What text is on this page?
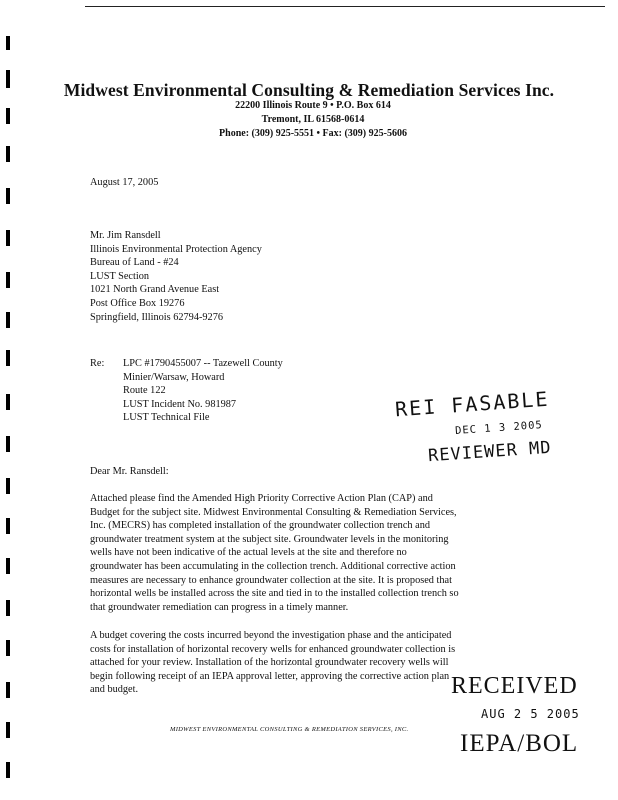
Midwest Environmental Consulting & Remediation Services Inc.
22200 Illinois Route 9 • P.O. Box 614
Tremont, IL 61568-0614
Phone: (309) 925-5551 • Fax: (309) 925-5606
August 17, 2005
Mr. Jim Ransdell
Illinois Environmental Protection Agency
Bureau of Land - #24
LUST Section
1021 North Grand Avenue East
Post Office Box 19276
Springfield, Illinois 62794-9276
Re: LPC #1790455007 -- Tazewell County
Minier/Warsaw, Howard
Route 122
LUST Incident No. 981987
LUST Technical File
Dear Mr. Ransdell:
Attached please find the Amended High Priority Corrective Action Plan (CAP) and
Budget for the subject site. Midwest Environmental Consulting & Remediation Services,
Inc. (MECRS) has completed installation of the groundwater collection trench and
groundwater treatment system at the subject site. Groundwater levels in the monitoring
wells have not been indicative of the actual levels at the site and therefore no
groundwater has been accumulating in the collection trench. Additional corrective action
measures are necessary to enhance groundwater collection at the site. It is proposed that
horizontal wells be installed across the site and tied in to the installed collection trench so
that groundwater remediation can progress in a timely manner.
A budget covering the costs incurred beyond the investigation phase and the anticipated
costs for installation of horizontal recovery wells for enhanced groundwater collection is
attached for your review. Installation of the horizontal groundwater recovery wells will
begin following receipt of an IEPA approval letter, approving the corrective action plan
and budget.
REI FASABLE
DEC 1 3 2005
REVIEWER MD
RECEIVED
AUG 2 5 2005
IEPA/BOL
MIDWEST ENVIRONMENTAL CONSULTING & REMEDIATION SERVICES, INC.
